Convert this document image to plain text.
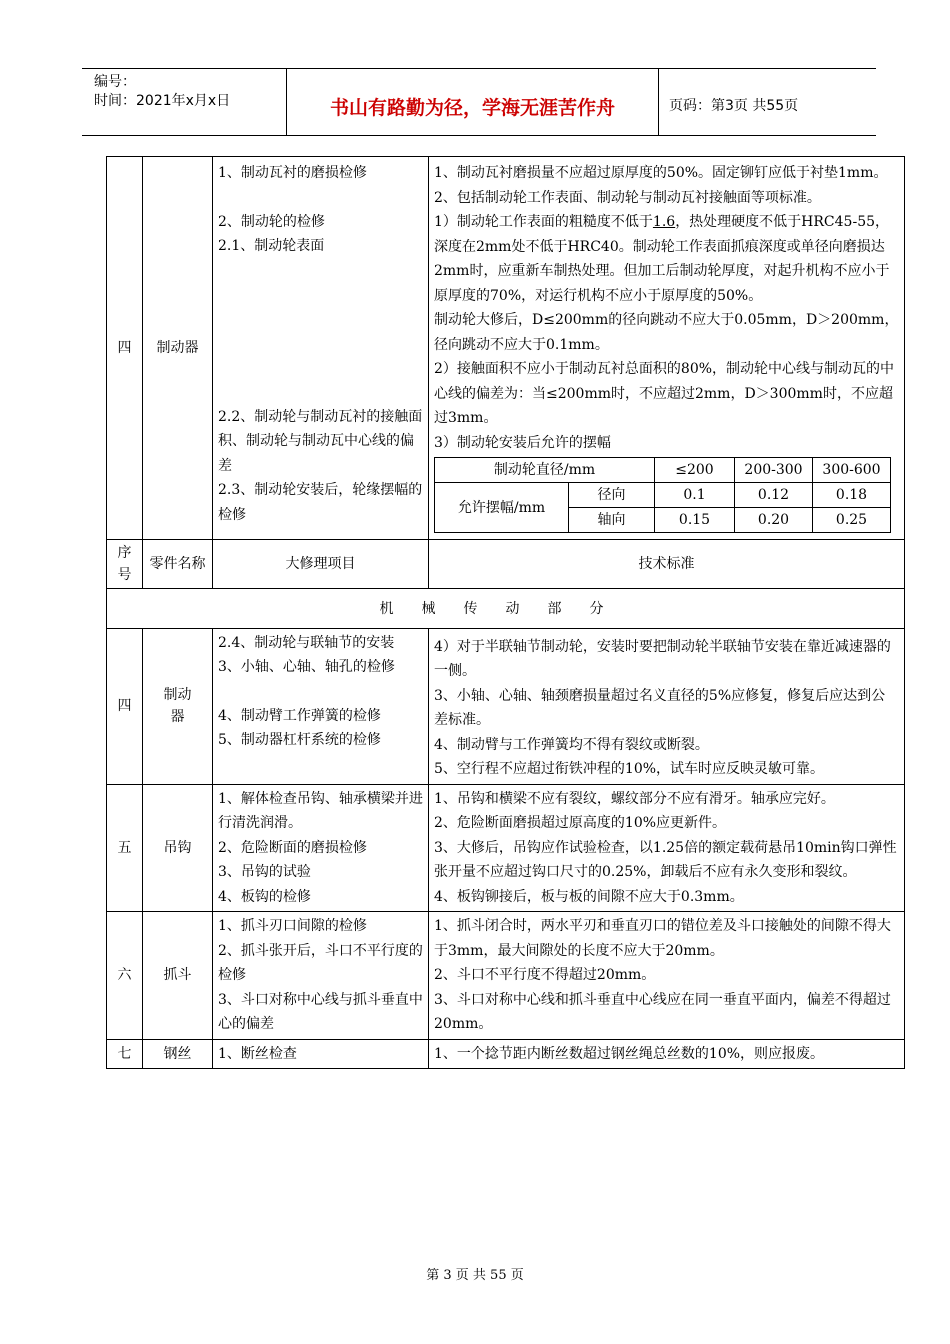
编号：
时间：2021年x月x日	书山有路勤为径，学海无涯苦作舟	页码：第3页 共55页
四	制动器	
1、制动瓦衬的磨损检修
2、制动轮的检修
2.1、制动轮表面
2.2、制动轮与制动瓦衬的接触面积、制动轮与制动瓦中心线的偏差
2.3、制动轮安装后，轮缘摆幅的检修

1、制动瓦衬磨损量不应超过原厚度的50%。固定铆钉应低于衬垫1mm。
2、包括制动轮工作表面、制动轮与制动瓦衬接触面等项标准。
1）制动轮工作表面的粗糙度不低于1.6，热处理硬度不低于HRC45-55，深度在2mm处不低于HRC40。制动轮工作表面抓痕深度或单径向磨损达2mm时，应重新车制热处理。但加工后制动轮厚度，对起升机构不应小于原厚度的70%，对运行机构不应小于原厚度的50%。
制动轮大修后，D≤200mm的径向跳动不应大于0.05mm，D＞200mm，径向跳动不应大于0.1mm。
2）接触面积不应小于制动瓦衬总面积的80%，制动轮中心线与制动瓦的中心线的偏差为：当≤200mm时，不应超过2mm，D＞300mm时，不应超过3mm。
3）制动轮安装后允许的摆幅
制动轮直径/mm	≤200	200-300	300-600
允许摆幅/mm	径向	0.1	0.12	0.18
轴向	0.15	0.20	0.25

序号	零件名称	大修理项目	技术标准
机械传动部分
四	制动器	
2.4、制动轮与联轴节的安装
3、小轴、心轴、轴孔的检修
4、制动臂工作弹簧的检修
5、制动器杠杆系统的检修

4）对于半联轴节制动轮，安装时要把制动轮半联轴节安装在靠近减速器的一侧。
3、小轴、心轴、轴颈磨损量超过名义直径的5%应修复，修复后应达到公差标准。
4、制动臂与工作弹簧均不得有裂纹或断裂。
5、空行程不应超过衔铁冲程的10%，试车时应反映灵敏可靠。

五	吊钩	
1、解体检查吊钩、轴承横梁并进行清洗润滑。
2、危险断面的磨损检修
3、吊钩的试验
4、板钩的检修

1、吊钩和横梁不应有裂纹，螺纹部分不应有滑牙。轴承应完好。
2、危险断面磨损超过原高度的10%应更新件。
3、大修后，吊钩应作试验检查，以1.25倍的额定载荷悬吊10min钩口弹性张开量不应超过钩口尺寸的0.25%，卸载后不应有永久变形和裂纹。
4、板钩铆接后，板与板的间隙不应大于0.3mm。

六	抓斗	
1、抓斗刃口间隙的检修
2、抓斗张开后，斗口不平行度的检修
3、斗口对称中心线与抓斗垂直中心的偏差

1、抓斗闭合时，两水平刃和垂直刃口的错位差及斗口接触处的间隙不得大于3mm，最大间隙处的长度不应大于20mm。
2、斗口不平行度不得超过20mm。
3、斗口对称中心线和抓斗垂直中心线应在同一垂直平面内，偏差不得超过20mm。

七	钢丝	1、断丝检查	1、一个捻节距内断丝数超过钢丝绳总丝数的10%，则应报废。
第 3 页 共 55 页
